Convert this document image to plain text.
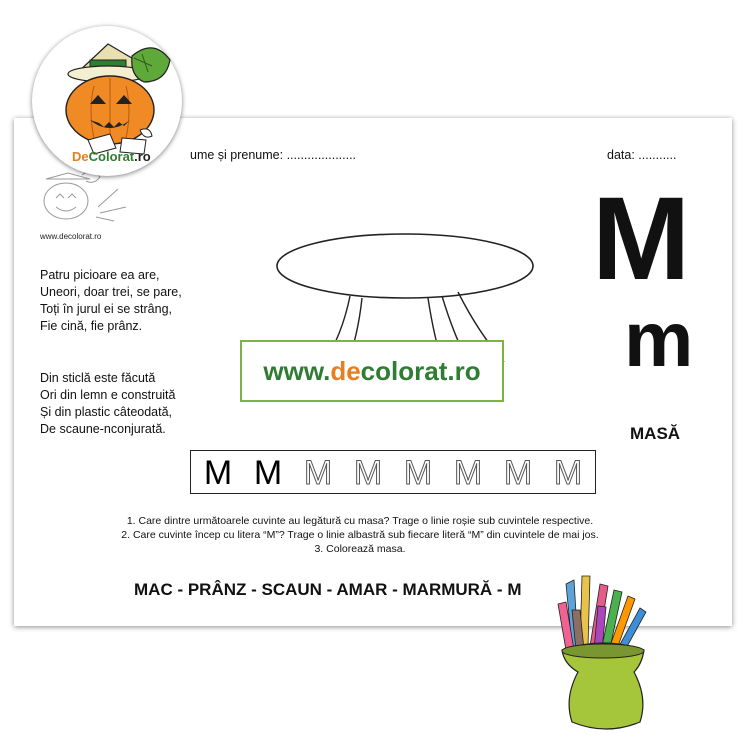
ume și prenume: ....................	data: ...........
www.decolorat.ro
Patru picioare ea are,
Uneori, doar trei, se pare,
Toți în jurul ei se strâng,
Fie cină, fie prânz.
Din sticlă este făcută
Ori din lemn e construită
Și din plastic câteodată,
De scaune-nconjurată.
www.decolorat.ro
M
m
MASĂ
M M M M M M M M
1. Care dintre următoarele cuvinte au legătură cu masa? Trage o linie roșie sub cuvintele respective.
2. Care cuvinte încep cu litera “M”? Trage o linie albastră sub fiecare literă “M” din cuvintele de mai jos.
3. Colorează masa.
MAC - PRÂNZ - SCAUN - AMAR - MARMURĂ - M
DeColorat.ro
